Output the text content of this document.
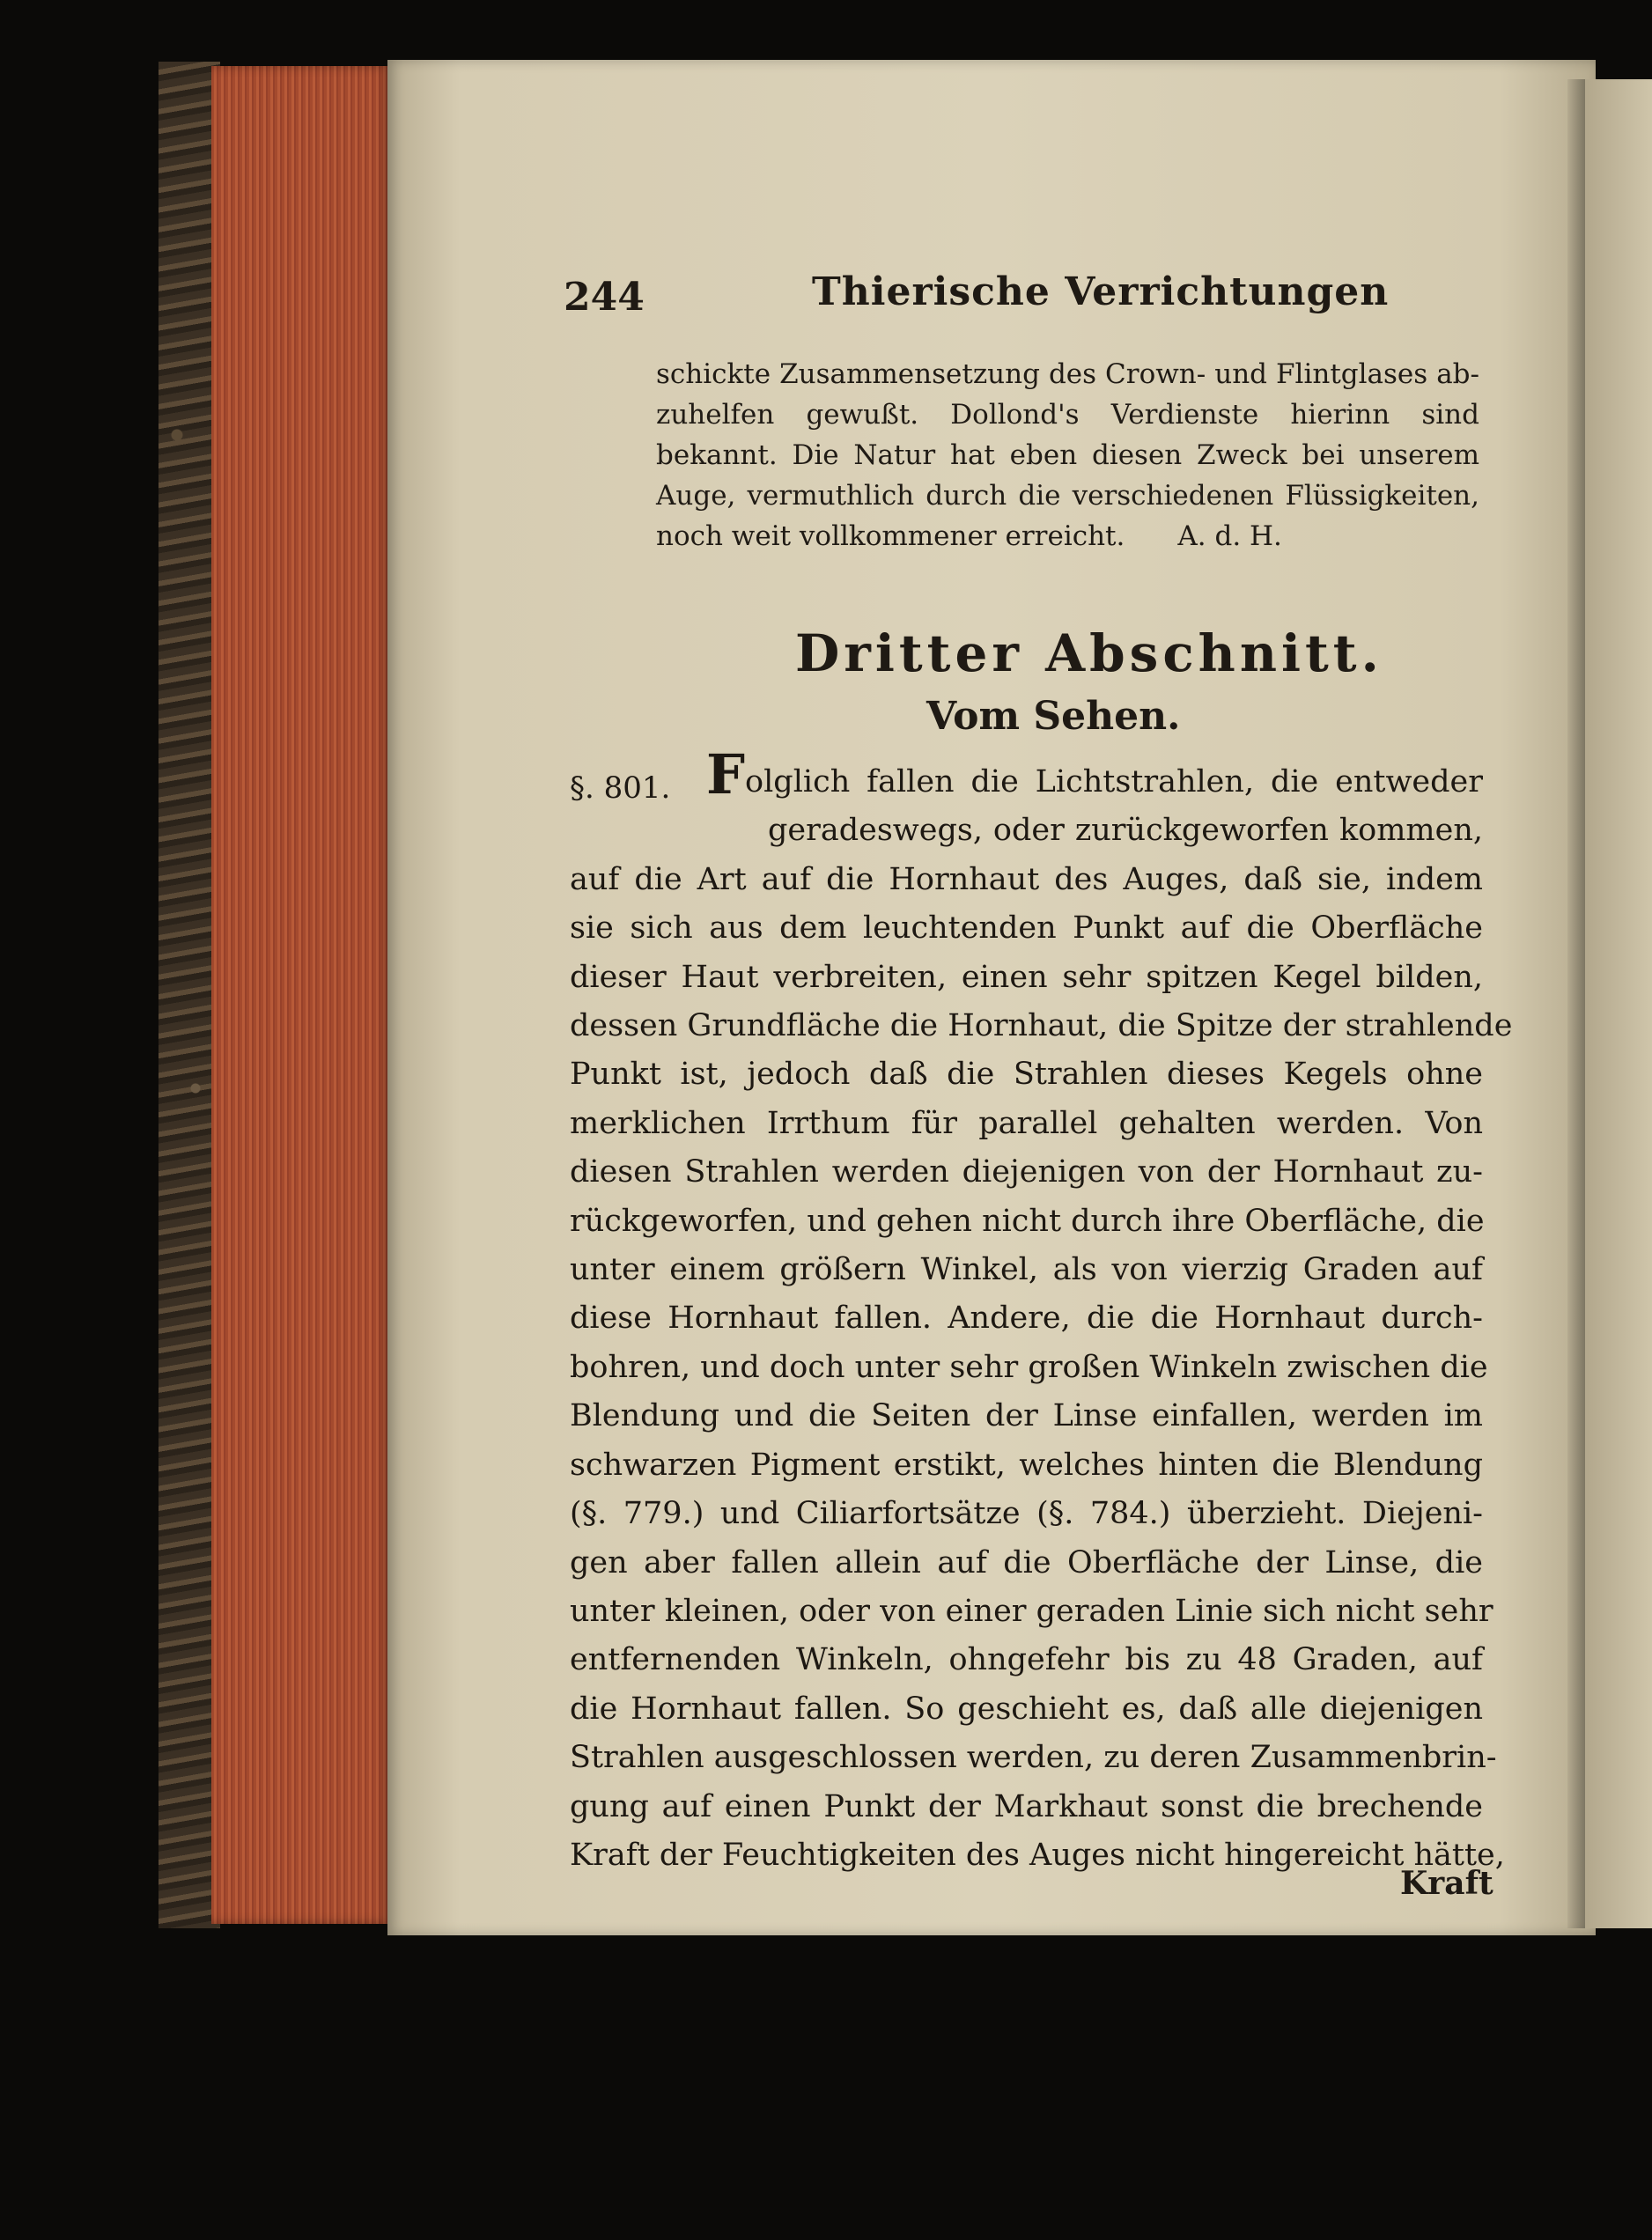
244	Thierische Verrichtungen
schickte Zusammensetzung des Crown- und Flintglases ab-
zuhelfen gewußt. Dollond's Verdienste hierinn sind
bekannt. Die Natur hat eben diesen Zweck bei unserem
Auge, vermuthlich durch die verschiedenen Flüssigkeiten,
noch weit vollkommener erreicht. A. d. H.
Dritter Abschnitt.
Vom Sehen.
§. 801. Folglich fallen die Lichtstrahlen, die entweder
geradeswegs, oder zurückgeworfen kommen,
auf die Art auf die Hornhaut des Auges, daß sie, indem
sie sich aus dem leuchtenden Punkt auf die Oberfläche
dieser Haut verbreiten, einen sehr spitzen Kegel bilden,
dessen Grundfläche die Hornhaut, die Spitze der strahlende
Punkt ist, jedoch daß die Strahlen dieses Kegels ohne
merklichen Irrthum für parallel gehalten werden. Von
diesen Strahlen werden diejenigen von der Hornhaut zu-
rückgeworfen, und gehen nicht durch ihre Oberfläche, die
unter einem größern Winkel, als von vierzig Graden auf
diese Hornhaut fallen. Andere, die die Hornhaut durch-
bohren, und doch unter sehr großen Winkeln zwischen die
Blendung und die Seiten der Linse einfallen, werden im
schwarzen Pigment erstikt, welches hinten die Blendung
(§. 779.) und Ciliarfortsätze (§. 784.) überzieht. Diejeni-
gen aber fallen allein auf die Oberfläche der Linse, die
unter kleinen, oder von einer geraden Linie sich nicht sehr
entfernenden Winkeln, ohngefehr bis zu 48 Graden, auf
die Hornhaut fallen. So geschieht es, daß alle diejenigen
Strahlen ausgeschlossen werden, zu deren Zusammenbrin-
gung auf einen Punkt der Markhaut sonst die brechende
Kraft der Feuchtigkeiten des Auges nicht hingereicht hätte,
Kraft
